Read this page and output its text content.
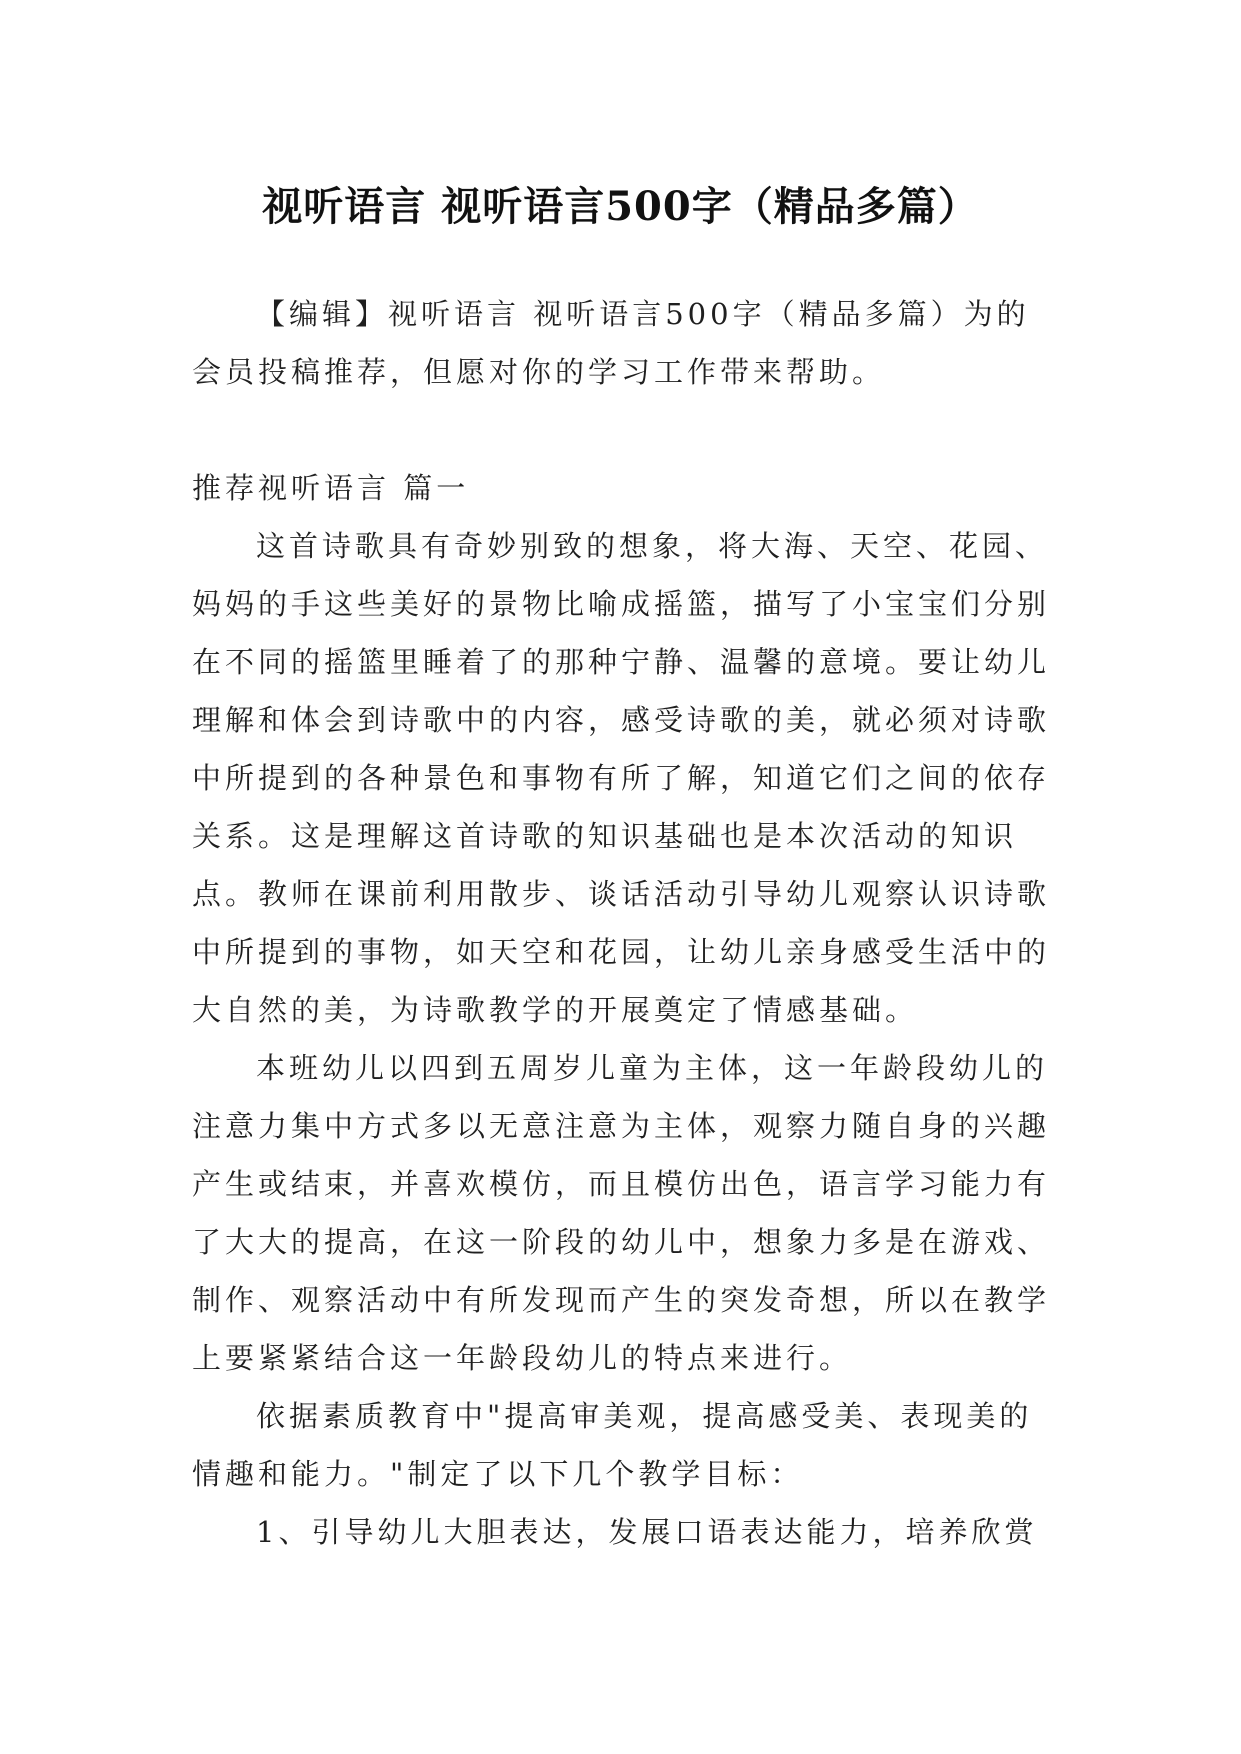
视听语言 视听语言500字（精品多篇）

【编辑】视听语言 视听语言500字（精品多篇）为的会员投稿推荐，但愿对你的学习工作带来帮助。

推荐视听语言 篇一

这首诗歌具有奇妙别致的想象，将大海、天空、花园、妈妈的手这些美好的景物比喻成摇篮，描写了小宝宝们分别在不同的摇篮里睡着了的那种宁静、温馨的意境。要让幼儿理解和体会到诗歌中的内容，感受诗歌的美，就必须对诗歌中所提到的各种景色和事物有所了解，知道它们之间的依存关系。这是理解这首诗歌的知识基础也是本次活动的知识点。教师在课前利用散步、谈话活动引导幼儿观察认识诗歌中所提到的事物，如天空和花园，让幼儿亲身感受生活中的大自然的美，为诗歌教学的开展奠定了情感基础。

本班幼儿以四到五周岁儿童为主体，这一年龄段幼儿的注意力集中方式多以无意注意为主体，观察力随自身的兴趣产生或结束，并喜欢模仿，而且模仿出色，语言学习能力有了大大的提高，在这一阶段的幼儿中，想象力多是在游戏、制作、观察活动中有所发现而产生的突发奇想，所以在教学上要紧紧结合这一年龄段幼儿的特点来进行。

依据素质教育中"提高审美观，提高感受美、表现美的情趣和能力。"制定了以下几个教学目标：

1、引导幼儿大胆表达，发展口语表达能力，培养欣赏
